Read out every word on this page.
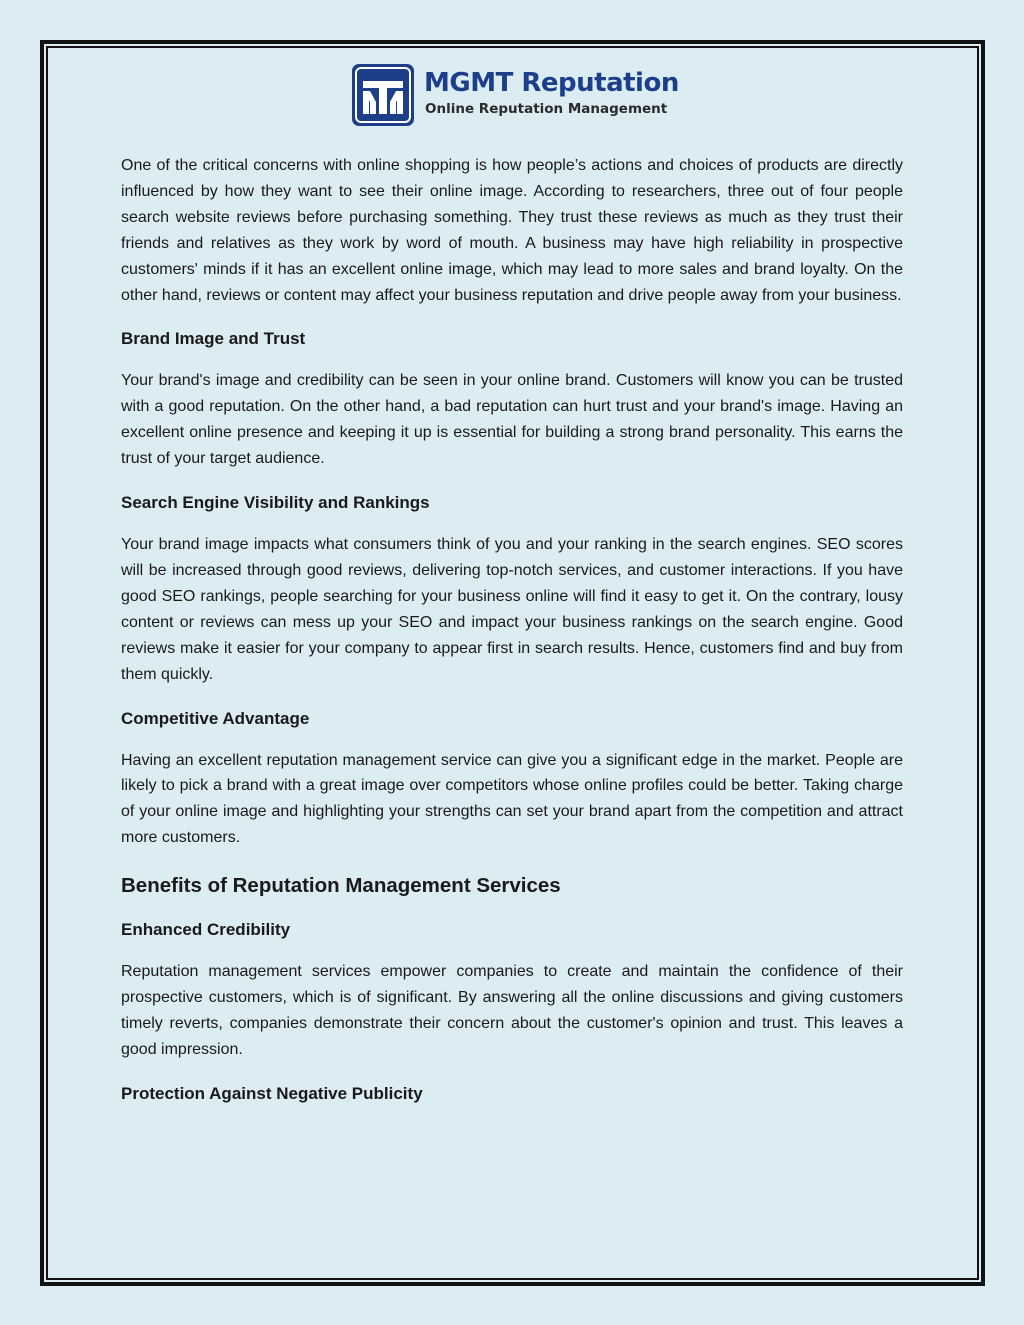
MGMT Reputation
Online Reputation Management

One of the critical concerns with online shopping is how people’s actions and choices of products are directly influenced by how they want to see their online image. According to researchers, three out of four people search website reviews before purchasing something. They trust these reviews as much as they trust their friends and relatives as they work by word of mouth. A business may have high reliability in prospective customers' minds if it has an excellent online image, which may lead to more sales and brand loyalty. On the other hand, reviews or content may affect your business reputation and drive people away from your business.

Brand Image and Trust

Your brand's image and credibility can be seen in your online brand. Customers will know you can be trusted with a good reputation. On the other hand, a bad reputation can hurt trust and your brand's image. Having an excellent online presence and keeping it up is essential for building a strong brand personality. This earns the trust of your target audience.

Search Engine Visibility and Rankings

Your brand image impacts what consumers think of you and your ranking in the search engines. SEO scores will be increased through good reviews, delivering top-notch services, and customer interactions. If you have good SEO rankings, people searching for your business online will find it easy to get it. On the contrary, lousy content or reviews can mess up your SEO and impact your business rankings on the search engine. Good reviews make it easier for your company to appear first in search results. Hence, customers find and buy from them quickly.

Competitive Advantage

Having an excellent reputation management service can give you a significant edge in the market. People are likely to pick a brand with a great image over competitors whose online profiles could be better. Taking charge of your online image and highlighting your strengths can set your brand apart from the competition and attract more customers.

Benefits of Reputation Management Services
Enhanced Credibility

Reputation management services empower companies to create and maintain the confidence of their prospective customers, which is of significant. By answering all the online discussions and giving customers timely reverts, companies demonstrate their concern about the customer's opinion and trust. This leaves a good impression.

Protection Against Negative Publicity
